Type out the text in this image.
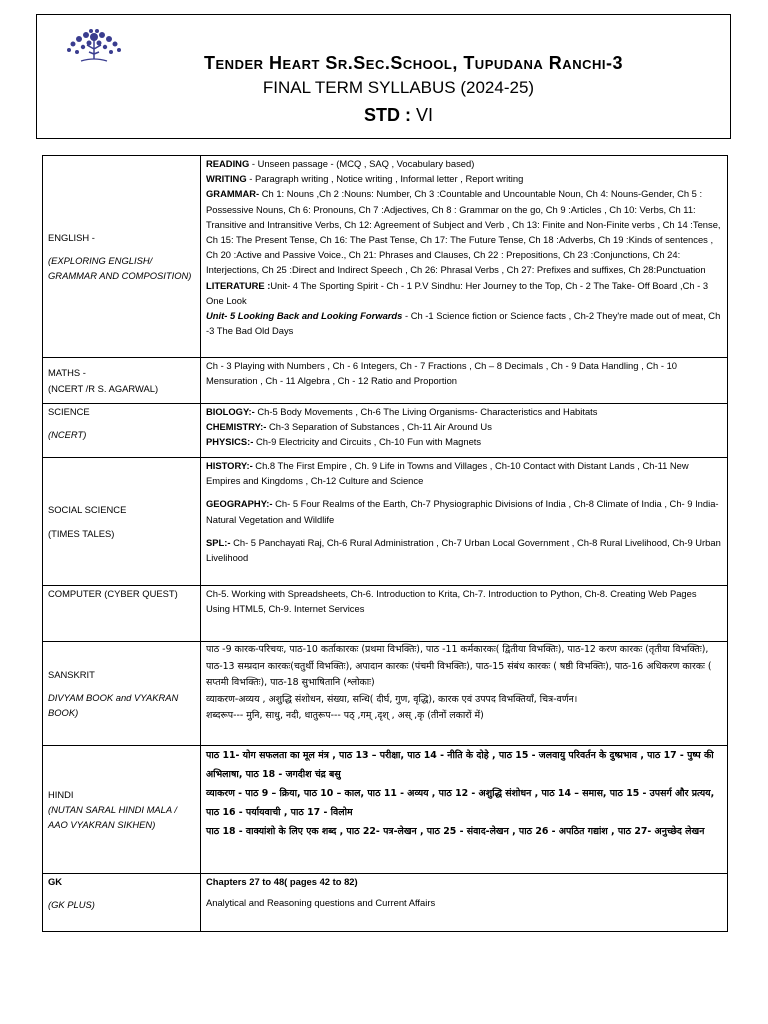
Tender Heart Sr.Sec.School, Tupudana Ranchi-3
FINAL TERM SYLLABUS (2024-25)
STD : VI
ENGLISH -
(EXPLORING ENGLISH/ GRAMMAR AND COMPOSITION)	READING - Unseen passage - (MCQ , SAQ , Vocabulary based)
WRITING - Paragraph writing , Notice writing , Informal letter , Report writing
GRAMMAR- Ch 1: Nouns ,Ch 2 :Nouns: Number, Ch 3 :Countable and Uncountable Noun, Ch 4: Nouns-Gender, Ch 5 : Possessive Nouns, Ch 6: Pronouns, Ch 7 :Adjectives, Ch 8 : Grammar on the go, Ch 9 :Articles , Ch 10: Verbs, Ch 11: Transitive and Intransitive Verbs, Ch 12: Agreement of Subject and Verb , Ch 13: Finite and Non-Finite verbs , Ch 14 :Tense, Ch 15: The Present Tense, Ch 16: The Past Tense, Ch 17: The Future Tense, Ch 18 :Adverbs, Ch 19 :Kinds of sentences , Ch 20 :Active and Passive Voice., Ch 21: Phrases and Clauses, Ch 22 : Prepositions, Ch 23 :Conjunctions, Ch 24: Interjections, Ch 25 :Direct and Indirect Speech , Ch 26: Phrasal Verbs , Ch 27: Prefixes and suffixes, Ch 28:Punctuation
LITERATURE :Unit- 4 The Sporting Spirit - Ch - 1 P.V Sindhu: Her Journey to the Top, Ch - 2 The Take- Off Board ,Ch - 3 One Look
Unit- 5 Looking Back and Looking Forwards - Ch -1 Science fiction or Science facts , Ch-2 They're made out of meat, Ch -3 The Bad Old Days

MATHS -
(NCERT /R S. AGARWAL)	Ch - 3 Playing with Numbers , Ch - 6 Integers, Ch - 7 Fractions , Ch – 8 Decimals , Ch - 9 Data Handling , Ch - 10 Mensuration , Ch - 11 Algebra , Ch - 12 Ratio and Proportion

SCIENCE
(NCERT)	BIOLOGY:- Ch-5 Body Movements , Ch-6 The Living Organisms- Characteristics and Habitats
CHEMISTRY:- Ch-3 Separation of Substances , Ch-11 Air Around Us
PHYSICS:- Ch-9 Electricity and Circuits , Ch-10 Fun with Magnets

SOCIAL SCIENCE
(TIMES TALES)	HISTORY:- Ch.8 The First Empire , Ch. 9 Life in Towns and Villages , Ch-10 Contact with Distant Lands , Ch-11 New Empires and Kingdoms , Ch-12 Culture and Science
GEOGRAPHY:- Ch- 5 Four Realms of the Earth, Ch-7 Physiographic Divisions of India , Ch-8 Climate of India , Ch- 9 India- Natural Vegetation and Wildlife
SPL:- Ch- 5 Panchayati Raj, Ch-6 Rural Administration , Ch-7 Urban Local Government , Ch-8 Rural Livelihood, Ch-9 Urban Livelihood

COMPUTER (CYBER QUEST)	Ch-5. Working with Spreadsheets, Ch-6. Introduction to Krita, Ch-7. Introduction to Python, Ch-8. Creating Web Pages Using HTML5, Ch-9. Internet Services

SANSKRIT
DIVYAM BOOK and VYAKRAN BOOK)	पाठ -9 कारक-परिचयः, पाठ-10 कर्ताकारकः (प्रथमा विभक्तिः), पाठ -11 कर्मकारकः( द्वितीया विभक्तिः), पाठ-12 करण कारकः (तृतीया विभक्तिः), पाठ-13 सम्प्रदान कारकः(चतुर्थी विभक्तिः), अपादान कारकः (पंचमी विभक्तिः), पाठ-15 संबंध कारकः ( षष्ठी विभक्तिः), पाठ-16 अधिकरण कारकः ( सप्तमी विभक्तिः), पाठ-18 सुभाषितानि (श्लोकाः)
व्याकरण-अव्यय , अशुद्धि संशोधन, संख्या, सन्धि( दीर्घ, गुण, वृद्धि), कारक एवं उपपद विभक्तियाँ, चित्र-वर्णन।
शब्दरूप--- मुनि, साधु, नदी, धातुरूप--- पठ् ,गम् ,दृश् , अस् ,कृ (तीनों लकारों में)

HINDI
(NUTAN SARAL HINDI MALA / AAO VYAKRAN SIKHEN)	पाठ 11- योग सफलता का मूल मंत्र , पाठ 13 – परीक्षा, पाठ 14 - नीति के दोहे , पाठ 15 - जलवायु परिवर्तन के दुष्प्रभाव , पाठ 17 - पुष्प की अभिलाषा, पाठ 18 - जगदीश चंद्र बसु
व्याकरण - पाठ 9 – क्रिया, पाठ 10 – काल, पाठ 11 - अव्यय , पाठ 12 - अशुद्धि संशोधन , पाठ 14 – समास, पाठ 15 - उपसर्ग और प्रत्यय, पाठ 16 - पर्यायवाची , पाठ 17 - विलोम
पाठ 18 - वाक्यांशो के लिए एक शब्द , पाठ 22- पत्र-लेखन , पाठ 25 - संवाद-लेखन , पाठ 26 - अपठित गद्यांश , पाठ 27- अनुच्छेद लेखन

GK
(GK PLUS)	Chapters 27 to 48( pages 42 to 82)
Analytical and Reasoning questions and Current Affairs
